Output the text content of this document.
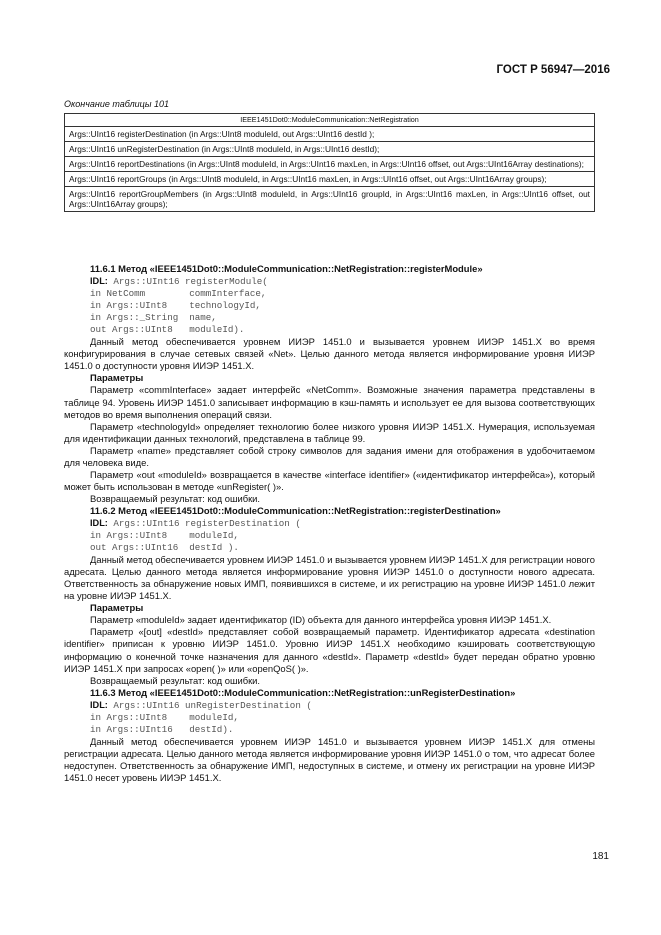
ГОСТ Р 56947—2016
Окончание таблицы 101
IEEE1451Dot0::ModuleCommunication::NetRegistration
Args::UInt16 registerDestination (in Args::UInt8 moduleId, out Args::UInt16 destId );
Args::UInt16 unRegisterDestination (in Args::UInt8 moduleId, in Args::UInt16 destId);
Args::UInt16 reportDestinations (in Args::UInt8 moduleId, in Args::UInt16 maxLen, in Args::UInt16 offset, out Args::UInt16Array destinations);
Args::UInt16 reportGroups (in Args::UInt8 moduleId, in Args::UInt16 maxLen, in Args::UInt16 offset, out Args::UInt16Array groups);
Args::UInt16 reportGroupMembers (in Args::UInt8 moduleId, in Args::UInt16 groupId, in Args::UInt16 maxLen, in Args::UInt16 offset, out Args::UInt16Array groups);

11.6.1 Метод «IEEE1451Dot0::ModuleCommunication::NetRegistration::registerModule»

IDL: Args::UInt16 registerModule(
in NetComm        commInterface,
in Args::UInt8    technologyId,
in Args::_String  name,
out Args::UInt8   moduleId).

Данный метод обеспечивается уровнем ИИЭР 1451.0 и вызывается уровнем ИИЭР 1451.X во время конфигурирования в случае сетевых связей «Net». Целью данного метода является информирование уровня ИИЭР 1451.0 о доступности уровня ИИЭР 1451.X.

Параметры

Параметр «commInterface» задает интерфейс «NetComm». Возможные значения параметра представлены в таблице 94. Уровень ИИЭР 1451.0 записывает информацию в кэш-память и использует ее для вызова соответствующих методов во время выполнения операций связи.

Параметр «technologyId» определяет технологию более низкого уровня ИИЭР 1451.X. Нумерация, используемая для идентификации данных технологий, представлена в таблице 99.

Параметр «name» представляет собой строку символов для задания имени для отображения в удобочитаемом для человека виде.

Параметр «out «moduleId» возвращается в качестве «interface identifier» («идентификатор интерфейса»), который может быть использован в методе «unRegister( )».

Возвращаемый результат: код ошибки.

11.6.2 Метод «IEEE1451Dot0::ModuleCommunication::NetRegistration::registerDestination»

IDL: Args::UInt16 registerDestination (
in Args::UInt8    moduleId,
out Args::UInt16  destId ).

Данный метод обеспечивается уровнем ИИЭР 1451.0 и вызывается уровнем ИИЭР 1451.X для регистрации нового адресата. Целью данного метода является информирование уровня ИИЭР 1451.0 о доступности нового адресата. Ответственность за обнаружение новых ИМП, появившихся в системе, и их регистрацию на уровне ИИЭР 1451.0 лежит на уровне ИИЭР 1451.X.

Параметры

Параметр «moduleId» задает идентификатор (ID) объекта для данного интерфейса уровня ИИЭР 1451.X.

Параметр «[out] «destId» представляет собой возвращаемый параметр. Идентификатор адресата «destination identifier» приписан к уровню ИИЭР 1451.0. Уровню ИИЭР 1451.X необходимо кэшировать соответствующую информацию о конечной точке назначения для данного «destId». Параметр «destId» будет передан обратно уровню ИИЭР 1451.X при запросах «open( )» или «openQoS( )».

Возвращаемый результат: код ошибки.

11.6.3 Метод «IEEE1451Dot0::ModuleCommunication::NetRegistration::unRegisterDestination»

IDL: Args::UInt16 unRegisterDestination (
in Args::UInt8    moduleId,
in Args::UInt16   destId).

Данный метод обеспечивается уровнем ИИЭР 1451.0 и вызывается уровнем ИИЭР 1451.X для отмены регистрации адресата. Целью данного метода является информирование уровня ИИЭР 1451.0 о том, что адресат более недоступен. Ответственность за обнаружение ИМП, недоступных в системе, и отмену их регистрации на уровне ИИЭР 1451.0 несет уровень ИИЭР 1451.X.

181
